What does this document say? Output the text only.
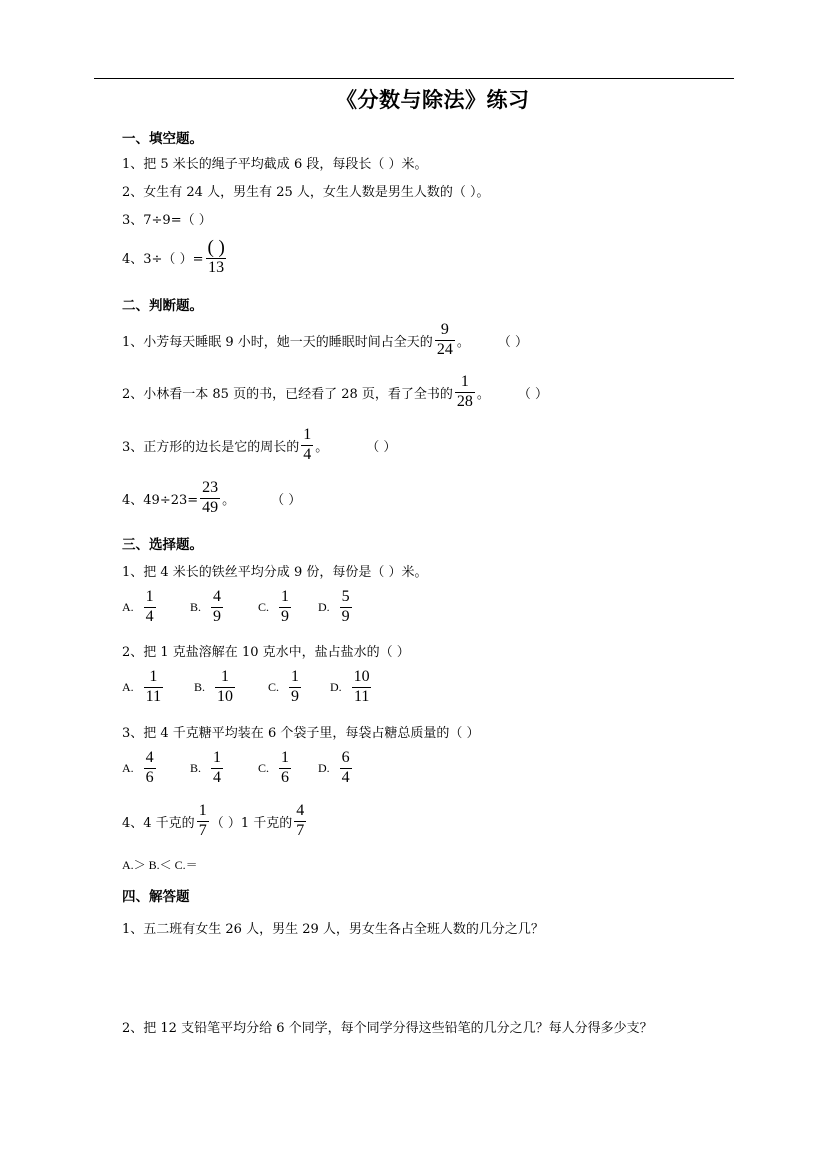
《分数与除法》练习
一、填空题。
1、把 5 米长的绳子平均截成 6 段，每段长（ ）米。
2、女生有 24 人，男生有 25 人，女生人数是男生人数的（ ）。
3、7÷9=（ ）
4、3÷（ ）= $\frac{( )}{13}$
二、判断题。
1、小芳每天睡眠 9 小时，她一天的睡眠时间占全天的 $\frac{9}{24}$ 。 （ ）
2、小林看一本 85 页的书，已经看了 28 页，看了全书的 $\frac{1}{28}$ 。 （ ）
3、正方形的边长是它的周长的 $\frac{1}{4}$ 。	（ ）
4、$49\div 23= \frac{23}{49}$ 。	（ ）
三、选择题。
1、把 4 米长的铁丝平均分成 9 份，每份是（ ）米。
A. $\frac{1}{4}$	B. $\frac{4}{9}$	C. $\frac{1}{9} D$. $\frac{5}{9}$
2、把 1 克盐溶解在 10 克水中，盐占盐水的（ ）
A. $\frac{1}{11}$	B. $\frac{1}{10}$	C. $\frac{1}{9} D$. $\frac{10}{11}$
3、把 4 千克糖平均装在 6 个袋子里，每袋占糖总质量的（ ）
A. $\frac{4}{6}$	B. $\frac{1}{4}$	C. $\frac{1}{6} D$. $\frac{6}{4}$
4、4 千克的 $\frac{1}{7}$ （ ）1 千克的 $\frac{4}{7}$
A.＞ B.＜ C.＝
四、解答题
1、五二班有女生 26 人，男生 29 人，男女生各占全班人数的几分之几？
2、把 12 支铅笔平均分给 6 个同学，每个同学分得这些铅笔的几分之几？每人分得多少支？
